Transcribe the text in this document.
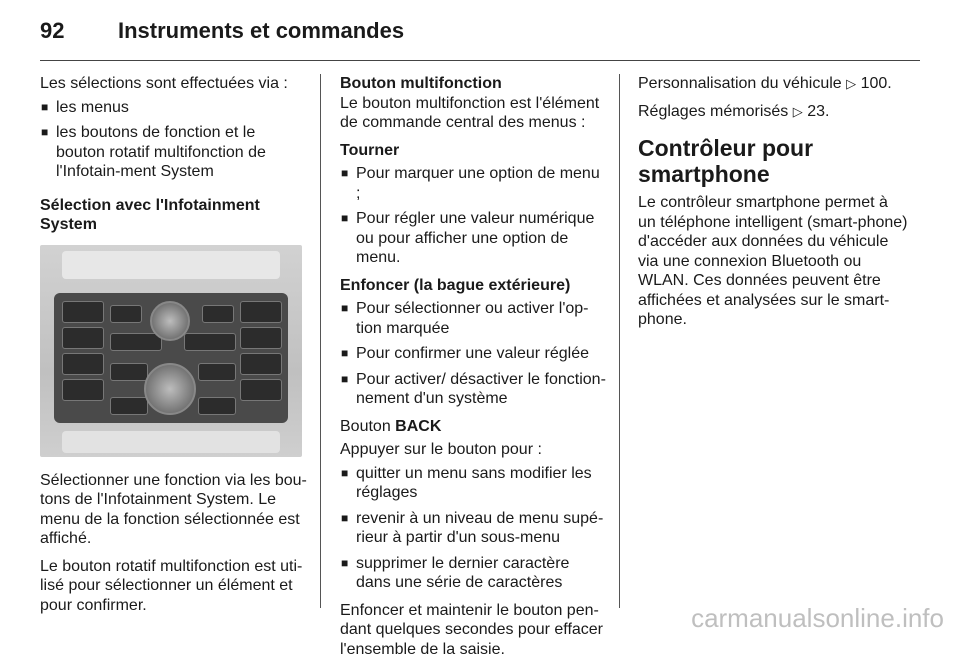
92 Instruments et commandes

Les sélections sont effectuées via :

■ les menus
■ les boutons de fonction et le bouton rotatif multifonction de l'Infotain-ment System
Sélection avec l'Infotainment System

Sélectionner une fonction via les bou-tons de l'Infotainment System. Le menu de la fonction sélectionnée est affiché.

Le bouton rotatif multifonction est uti-lisé pour sélectionner un élément et pour confirmer.

Bouton multifonction

Le bouton multifonction est l'élément de commande central des menus :

Tourner
■ Pour marquer une option de menu ;
■ Pour régler une valeur numérique ou pour afficher une option de menu.
Enfoncer (la bague extérieure)
■ Pour sélectionner ou activer l'op-tion marquée
■ Pour confirmer une valeur réglée
■ Pour activer/ désactiver le fonction-nement d'un système

Bouton BACK

Appuyer sur le bouton pour :

■ quitter un menu sans modifier les réglages
■ revenir à un niveau de menu supé-rieur à partir d'un sous-menu
■ supprimer le dernier caractère dans une série de caractères

Enfoncer et maintenir le bouton pen-dant quelques secondes pour effacer l'ensemble de la saisie.

Personnalisation du véhicule ▷ 100.

Réglages mémorisés ▷ 23.

Contrôleur pour smartphone

Le contrôleur smartphone permet à un téléphone intelligent (smart-phone) d'accéder aux données du véhicule via une connexion Bluetooth ou WLAN. Ces données peuvent être affichées et analysées sur le smart-phone.

carmanualsonline.info
